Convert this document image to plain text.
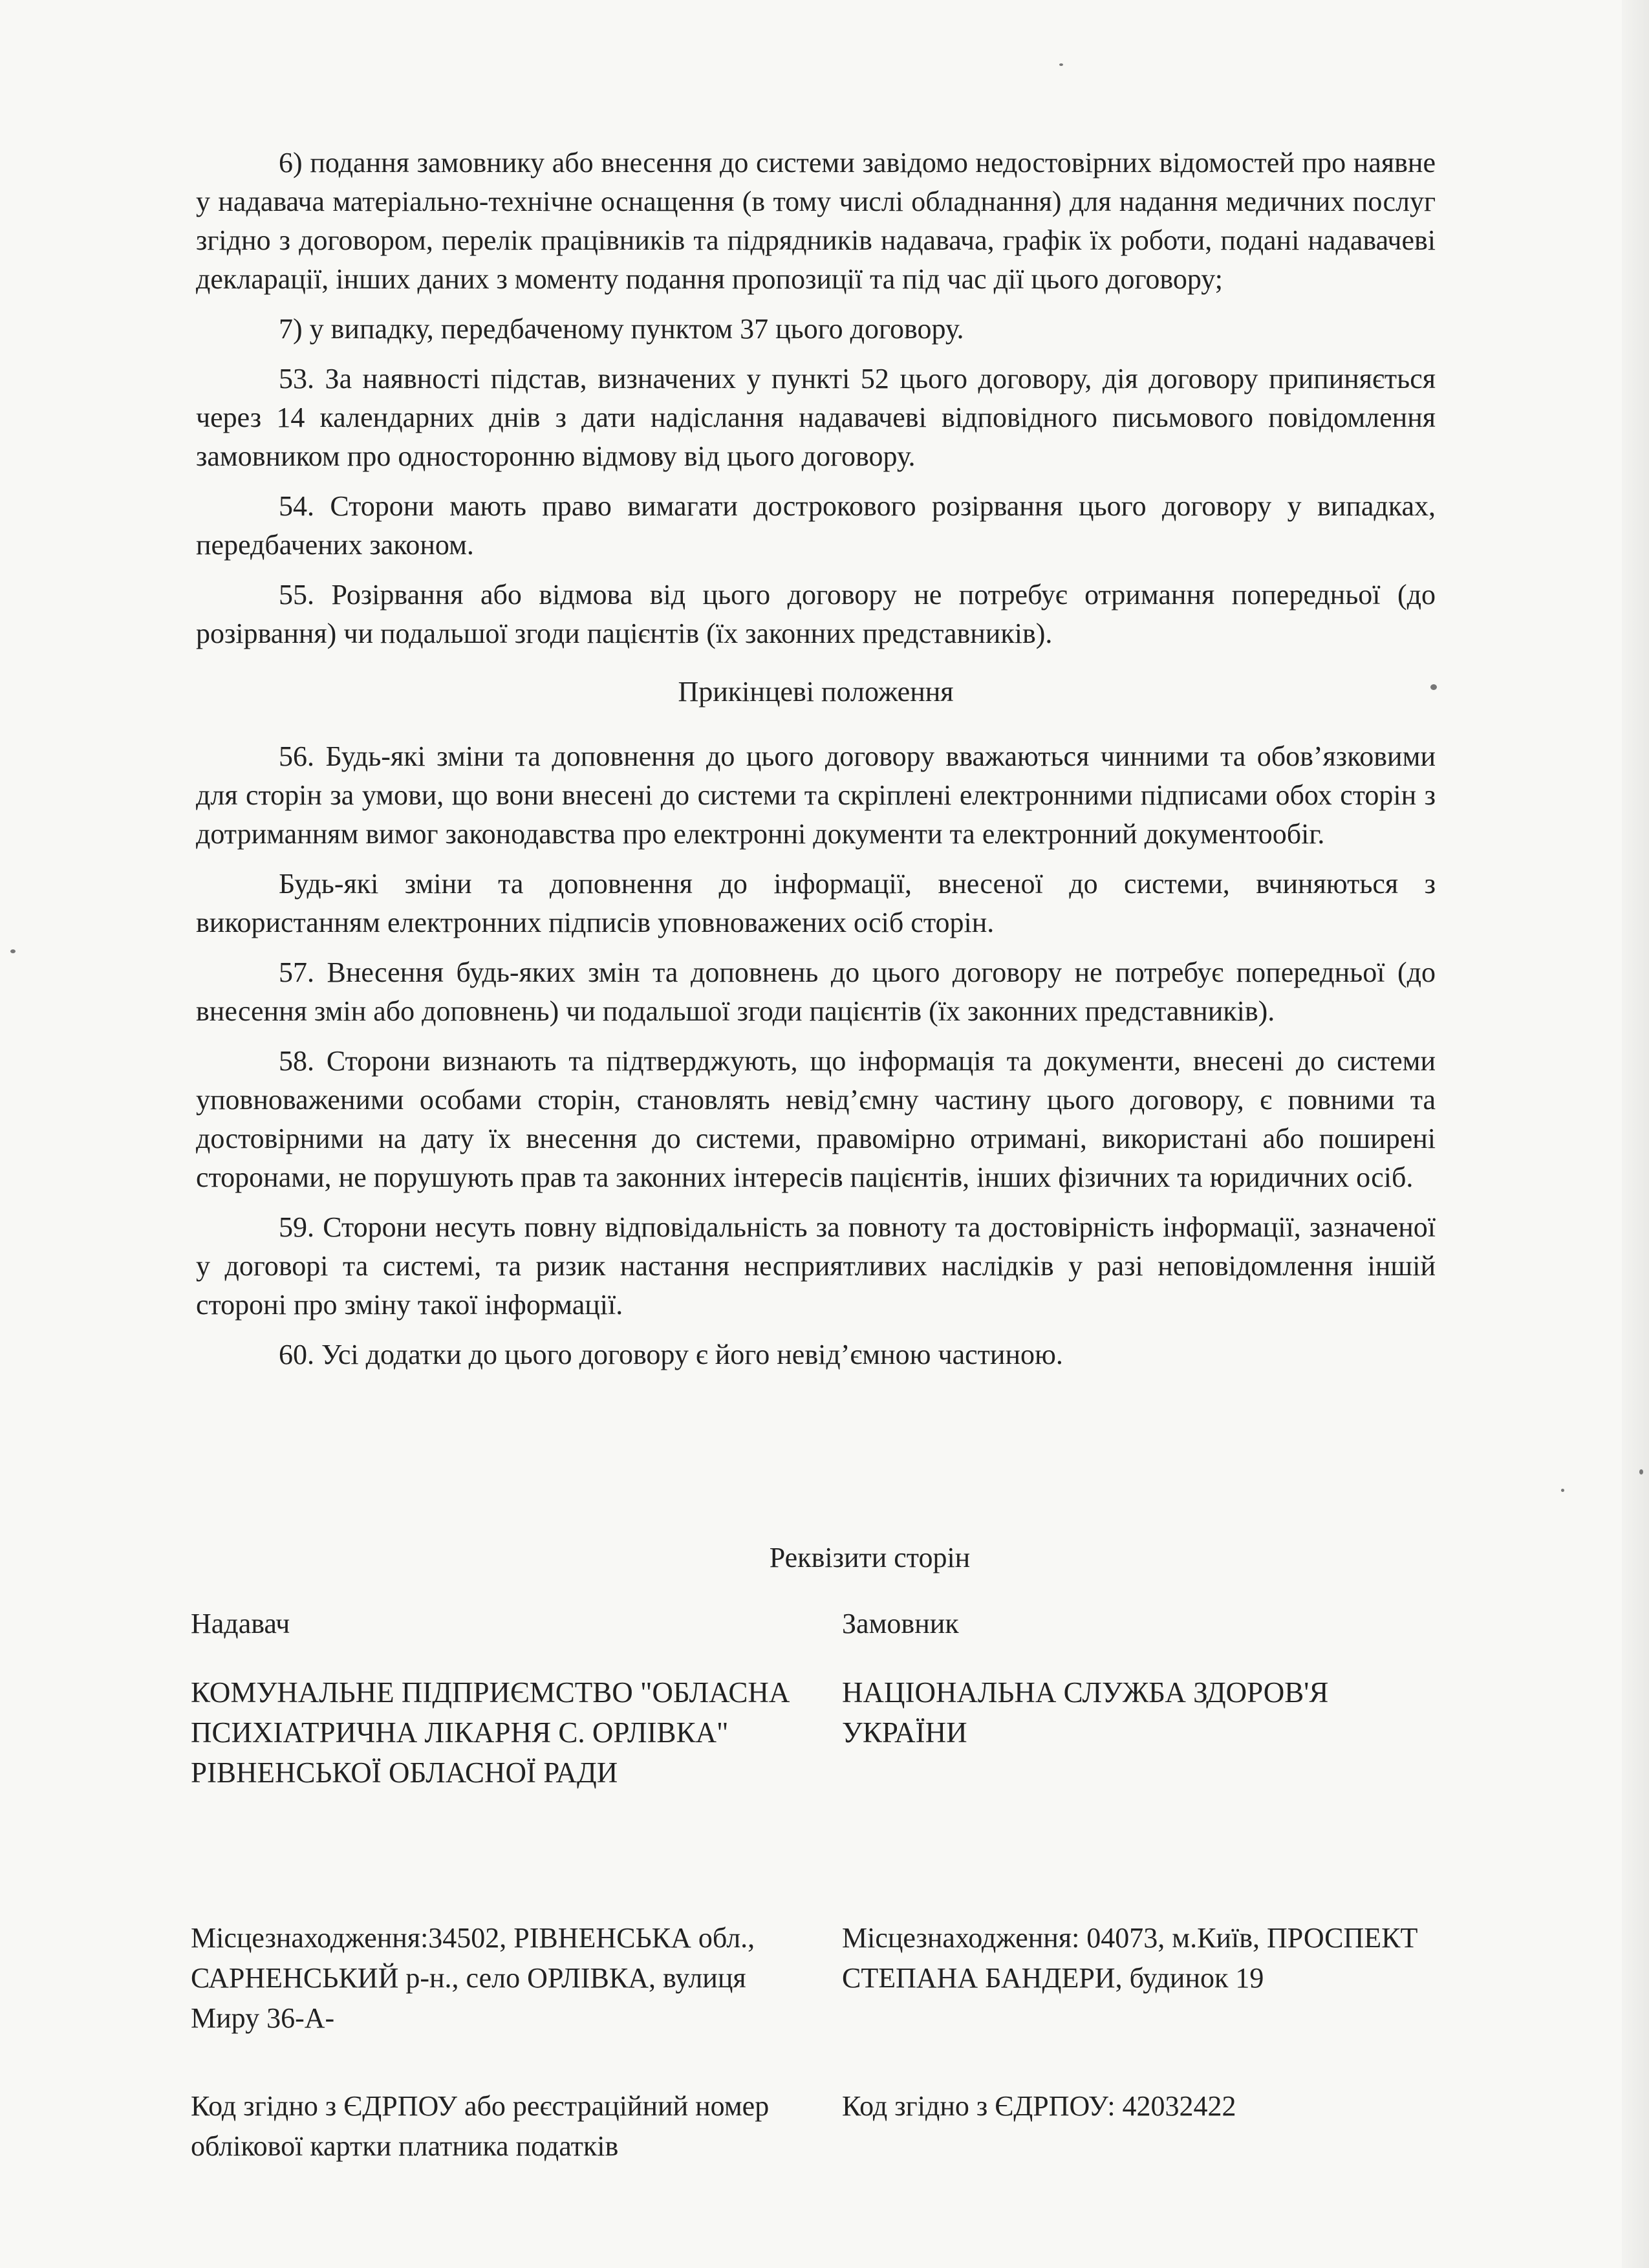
6) подання замовнику або внесення до системи завідомо недостовірних відомостей про наявне у надавача матеріально-технічне оснащення (в тому числі обладнання) для надання медичних послуг згідно з договором, перелік працівників та підрядників надавача, графік їх роботи, подані надавачеві декларації, інших даних з моменту подання пропозиції та під час дії цього договору;

7) у випадку, передбаченому пунктом 37 цього договору.

53. За наявності підстав, визначених у пункті 52 цього договору, дія договору припиняється через 14 календарних днів з дати надіслання надавачеві відповідного письмового повідомлення замовником про односторонню відмову від цього договору.

54. Сторони мають право вимагати дострокового розірвання цього договору у випадках, передбачених законом.

55. Розірвання або відмова від цього договору не потребує отримання попередньої (до розірвання) чи подальшої згоди пацієнтів (їх законних представників).

Прикінцеві положення

56. Будь-які зміни та доповнення до цього договору вважаються чинними та обов’язковими для сторін за умови, що вони внесені до системи та скріплені електронними підписами обох сторін з дотриманням вимог законодавства про електронні документи та електронний документообіг.

Будь-які зміни та доповнення до інформації, внесеної до системи, вчиняються з використанням електронних підписів уповноважених осіб сторін.

57. Внесення будь-яких змін та доповнень до цього договору не потребує попередньої (до внесення змін або доповнень) чи подальшої згоди пацієнтів (їх законних представників).

58. Сторони визнають та підтверджують, що інформація та документи, внесені до системи уповноваженими особами сторін, становлять невід’ємну частину цього договору, є повними та достовірними на дату їх внесення до системи, правомірно отримані, використані або поширені сторонами, не порушують прав та законних інтересів пацієнтів, інших фізичних та юридичних осіб.

59. Сторони несуть повну відповідальність за повноту та достовірність інформації, зазначеної у договорі та системі, та ризик настання несприятливих наслідків у разі неповідомлення іншій стороні про зміну такої інформації.

60. Усі додатки до цього договору є його невід’ємною частиною.

Реквізити сторін
Надавач
КОМУНАЛЬНЕ ПІДПРИЄМСТВО "ОБЛАСНА ПСИХІАТРИЧНА ЛІКАРНЯ С. ОРЛІВКА" РІВНЕНСЬКОЇ ОБЛАСНОЇ РАДИ
Місцезнаходження:34502, РІВНЕНСЬКА обл., САРНЕНСЬКИЙ р-н., село ОРЛІВКА, вулиця Миру 36-А-
Код згідно з ЄДРПОУ або реєстраційний номер облікової картки платника податків
Замовник
НАЦІОНАЛЬНА СЛУЖБА ЗДОРОВ'Я УКРАЇНИ
Місцезнаходження: 04073, м.Київ, ПРОСПЕКТ СТЕПАНА БАНДЕРИ, будинок 19
Код згідно з ЄДРПОУ: 42032422
